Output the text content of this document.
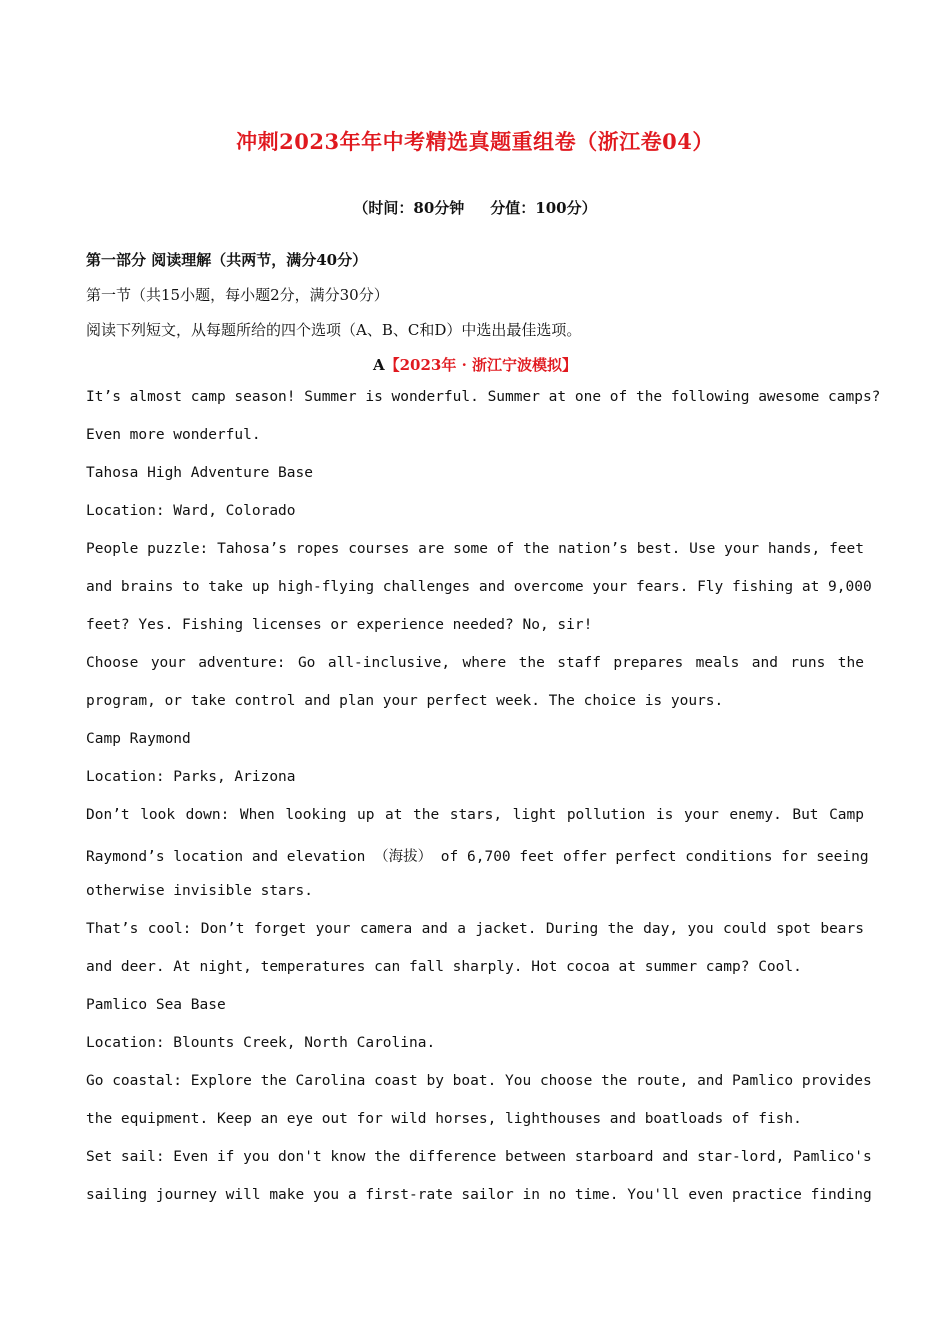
冲刺2023年年中考精选真题重组卷（浙江卷04）
（时间：80分钟 分值：100分）
第一部分 阅读理解（共两节，满分40分）
第一节（共15小题，每小题2分，满分30分）
阅读下列短文，从每题所给的四个选项（A、B、C和D）中选出最佳选项。
A【2023年 · 浙江宁波模拟】
It’s almost camp season! Summer is wonderful. Summer at one of the following awesome camps?
Even more wonderful.
Tahosa High Adventure Base
Location: Ward, Colorado
People puzzle: Tahosa’s ropes courses are some of the nation’s best. Use your hands, feet
and brains to take up high-flying challenges and overcome your fears. Fly fishing at 9,000
feet? Yes. Fishing licenses or experience needed? No, sir!
Choose your adventure: Go all-inclusive, where the staff prepares meals and runs the
program, or take control and plan your perfect week. The choice is yours.
Camp Raymond
Location: Parks, Arizona
Don’t look down: When looking up at the stars, light pollution is your enemy. But Camp
Raymond’s location and elevation （海拔） of 6,700 feet offer perfect conditions for seeing
otherwise invisible stars.
That’s cool: Don’t forget your camera and a jacket. During the day, you could spot bears
and deer. At night, temperatures can fall sharply. Hot cocoa at summer camp? Cool.
Pamlico Sea Base
Location: Blounts Creek, North Carolina.
Go coastal: Explore the Carolina coast by boat. You choose the route, and Pamlico provides
the equipment. Keep an eye out for wild horses, lighthouses and boatloads of fish.
Set sail: Even if you don't know the difference between starboard and star-lord, Pamlico's
sailing journey will make you a first-rate sailor in no time. You'll even practice finding
